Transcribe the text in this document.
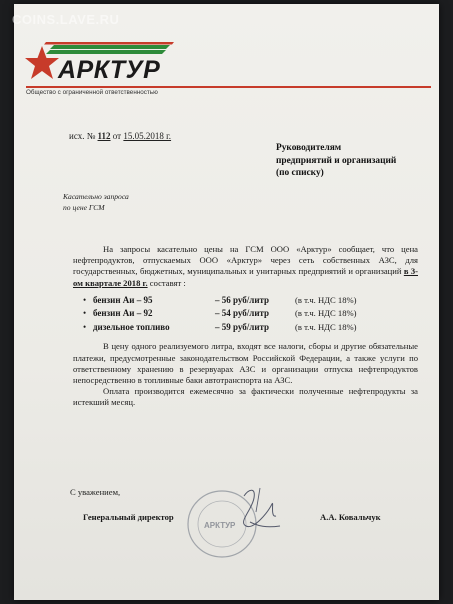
COINS.LAVE.RU
АРКТУР
Общество с ограниченной ответственностью
исх. № 112 от 15.05.2018 г.
Руководителям
предприятий и организаций
(по списку)
Касательно запроса
по цене ГСМ

На запросы касательно цены на ГСМ ООО «Арктур» сообщает, что цена нефтепродуктов, отпускаемых ООО «Арктур» через сеть собственных АЗС, для государственных, бюджетных, муниципальных и унитарных предприятий и организаций в 3-ом квартале 2018 г. составят :

• бензин Аи – 95	– 56 руб/литр	(в т.ч. НДС 18%)
• бензин Аи – 92	– 54 руб/литр	(в т.ч. НДС 18%)
• дизельное топливо	– 59 руб/литр	(в т.ч. НДС 18%)

В цену одного реализуемого литра, входят все налоги, сборы и другие обязательные платежи, предусмотренные законодательством Российской Федерации, а также услуги по ответственному хранению в резервуарах АЗС и организации отпуска нефтепродуктов непосредственно в топливные баки автотранспорта на АЗС.

Оплата производится ежемесячно за фактически полученные нефтепродукты за истекший месяц.

С уважением,
Генеральный директор
АРКТУР
А.А. Ковальчук
